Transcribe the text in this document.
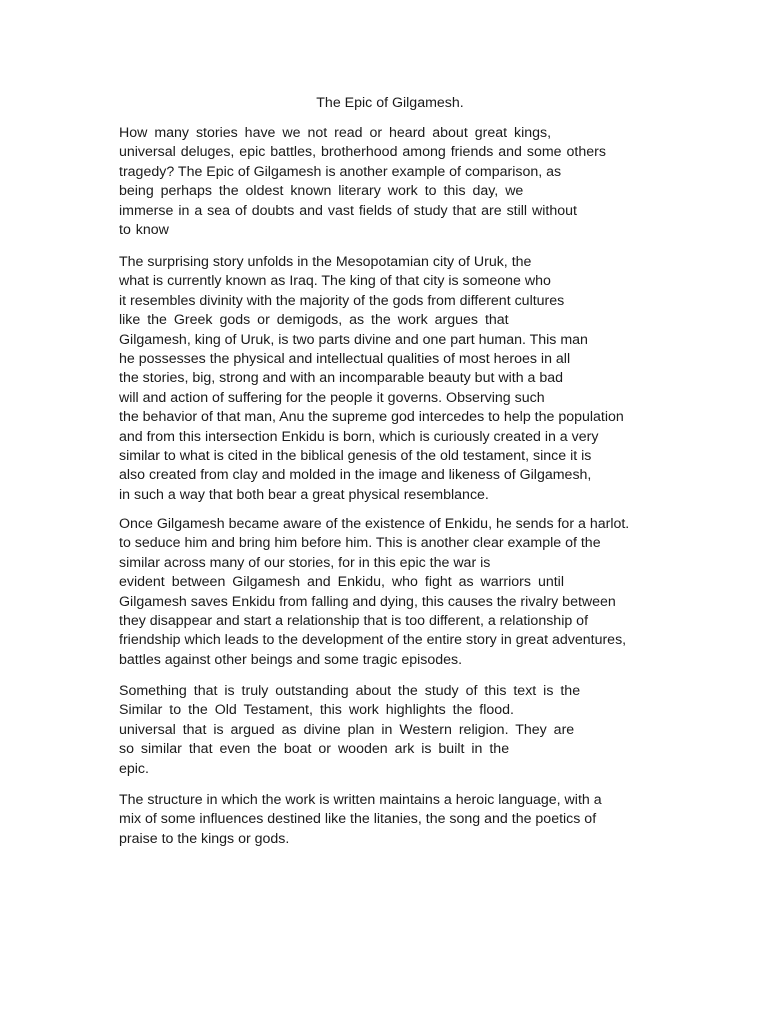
The Epic of Gilgamesh.

How many stories have we not read or heard about great kings,
universal deluges, epic battles, brotherhood among friends and some others
tragedy? The Epic of Gilgamesh is another example of comparison, as
being perhaps the oldest known literary work to this day, we
immerse in a sea of doubts and vast fields of study that are still without
to know

The surprising story unfolds in the Mesopotamian city of Uruk, the
what is currently known as Iraq. The king of that city is someone who
it resembles divinity with the majority of the gods from different cultures
like the Greek gods or demigods, as the work argues that
Gilgamesh, king of Uruk, is two parts divine and one part human. This man
he possesses the physical and intellectual qualities of most heroes in all
the stories, big, strong and with an incomparable beauty but with a bad
will and action of suffering for the people it governs. Observing such
the behavior of that man, Anu the supreme god intercedes to help the population
and from this intersection Enkidu is born, which is curiously created in a very
similar to what is cited in the biblical genesis of the old testament, since it is
also created from clay and molded in the image and likeness of Gilgamesh,
in such a way that both bear a great physical resemblance.

Once Gilgamesh became aware of the existence of Enkidu, he sends for a harlot.
to seduce him and bring him before him. This is another clear example of the
similar across many of our stories, for in this epic the war is
evident between Gilgamesh and Enkidu, who fight as warriors until
Gilgamesh saves Enkidu from falling and dying, this causes the rivalry between
they disappear and start a relationship that is too different, a relationship of
friendship which leads to the development of the entire story in great adventures,
battles against other beings and some tragic episodes.

Something that is truly outstanding about the study of this text is the
Similar to the Old Testament, this work highlights the flood.
universal that is argued as divine plan in Western religion. They are
so similar that even the boat or wooden ark is built in the
epic.

The structure in which the work is written maintains a heroic language, with a
mix of some influences destined like the litanies, the song and the poetics of
praise to the kings or gods.
